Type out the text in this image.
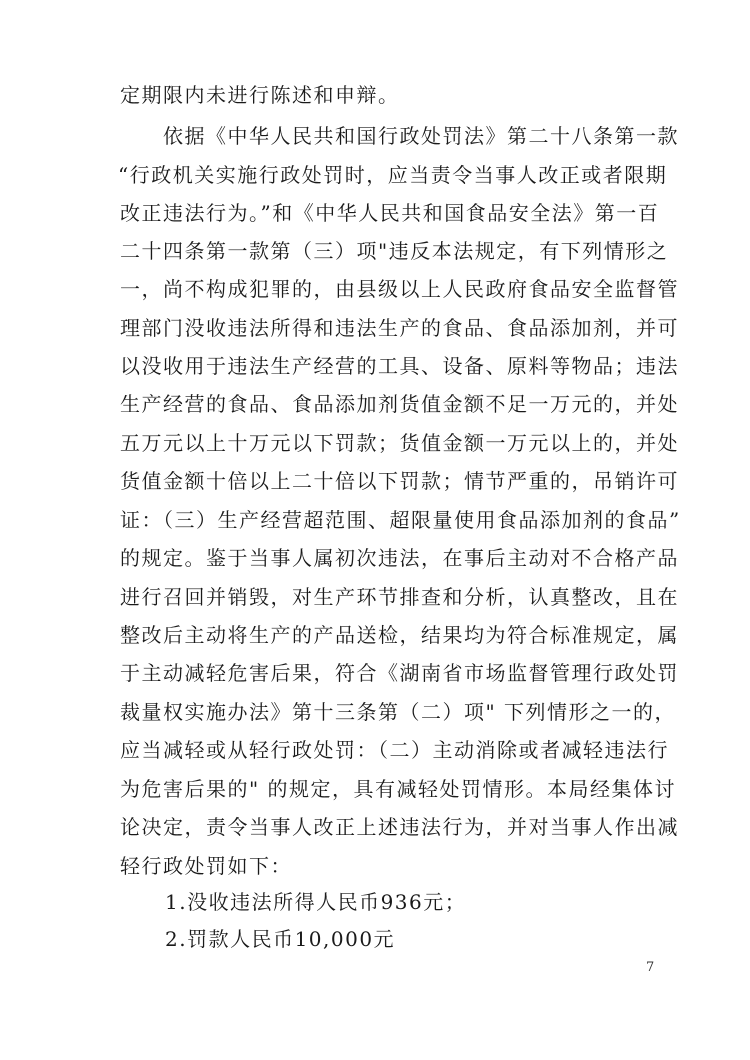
定期限内未进行陈述和申辩。
依据《中华人民共和国行政处罚法》第二十八条第一款
“行政机关实施行政处罚时，应当责令当事人改正或者限期
改正违法行为。”和《中华人民共和国食品安全法》第一百
二十四条第一款第（三）项"违反本法规定，有下列情形之
一，尚不构成犯罪的，由县级以上人民政府食品安全监督管
理部门没收违法所得和违法生产的食品、食品添加剂，并可
以没收用于违法生产经营的工具、设备、原料等物品；违法
生产经营的食品、食品添加剂货值金额不足一万元的，并处
五万元以上十万元以下罚款；货值金额一万元以上的，并处
货值金额十倍以上二十倍以下罚款；情节严重的，吊销许可
证：（三）生产经营超范围、超限量使用食品添加剂的食品”
的规定。鉴于当事人属初次违法，在事后主动对不合格产品
进行召回并销毁，对生产环节排查和分析，认真整改，且在
整改后主动将生产的产品送检，结果均为符合标准规定，属
于主动减轻危害后果，符合《湖南省市场监督管理行政处罚
裁量权实施办法》第十三条第（二）项" 下列情形之一的，
应当减轻或从轻行政处罚：（二）主动消除或者减轻违法行
为危害后果的" 的规定，具有减轻处罚情形。本局经集体讨
论决定，责令当事人改正上述违法行为，并对当事人作出减
轻行政处罚如下：
1.没收违法所得人民币936元；
2.罚款人民币10,000元
7
